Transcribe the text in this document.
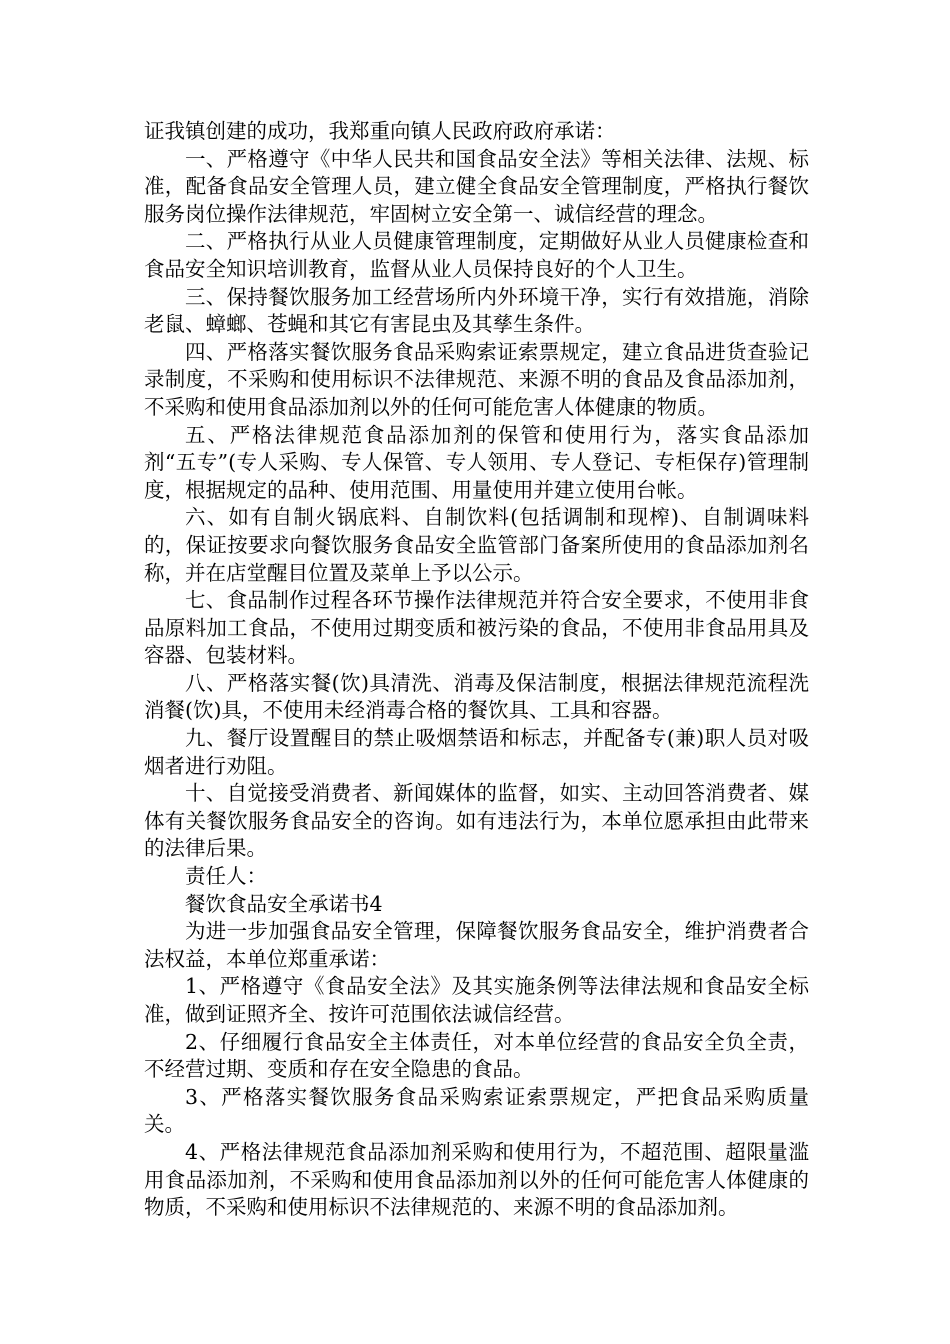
证我镇创建的成功，我郑重向镇人民政府政府承诺：

一、严格遵守《中华人民共和国食品安全法》等相关法律、法规、标准，配备食品安全管理人员，建立健全食品安全管理制度，严格执行餐饮服务岗位操作法律规范，牢固树立安全第一、诚信经营的理念。

二、严格执行从业人员健康管理制度，定期做好从业人员健康检查和食品安全知识培训教育，监督从业人员保持良好的个人卫生。

三、保持餐饮服务加工经营场所内外环境干净，实行有效措施，消除老鼠、蟑螂、苍蝇和其它有害昆虫及其孳生条件。

四、严格落实餐饮服务食品采购索证索票规定，建立食品进货查验记录制度，不采购和使用标识不法律规范、来源不明的食品及食品添加剂，不采购和使用食品添加剂以外的任何可能危害人体健康的物质。

五、严格法律规范食品添加剂的保管和使用行为，落实食品添加剂“五专”(专人采购、专人保管、专人领用、专人登记、专柜保存)管理制度，根据规定的品种、使用范围、用量使用并建立使用台帐。

六、如有自制火锅底料、自制饮料(包括调制和现榨)、自制调味料的，保证按要求向餐饮服务食品安全监管部门备案所使用的食品添加剂名称，并在店堂醒目位置及菜单上予以公示。

七、食品制作过程各环节操作法律规范并符合安全要求，不使用非食品原料加工食品，不使用过期变质和被污染的食品，不使用非食品用具及容器、包装材料。

八、严格落实餐(饮)具清洗、消毒及保洁制度，根据法律规范流程洗消餐(饮)具，不使用未经消毒合格的餐饮具、工具和容器。

九、餐厅设置醒目的禁止吸烟禁语和标志，并配备专(兼)职人员对吸烟者进行劝阻。

十、自觉接受消费者、新闻媒体的监督，如实、主动回答消费者、媒体有关餐饮服务食品安全的咨询。如有违法行为，本单位愿承担由此带来的法律后果。

责任人：

餐饮食品安全承诺书4

为进一步加强食品安全管理，保障餐饮服务食品安全，维护消费者合法权益，本单位郑重承诺：

1、严格遵守《食品安全法》及其实施条例等法律法规和食品安全标准，做到证照齐全、按许可范围依法诚信经营。

2、仔细履行食品安全主体责任，对本单位经营的食品安全负全责，不经营过期、变质和存在安全隐患的食品。

3、严格落实餐饮服务食品采购索证索票规定，严把食品采购质量关。

4、严格法律规范食品添加剂采购和使用行为，不超范围、超限量滥用食品添加剂，不采购和使用食品添加剂以外的任何可能危害人体健康的物质，不采购和使用标识不法律规范的、来源不明的食品添加剂。
